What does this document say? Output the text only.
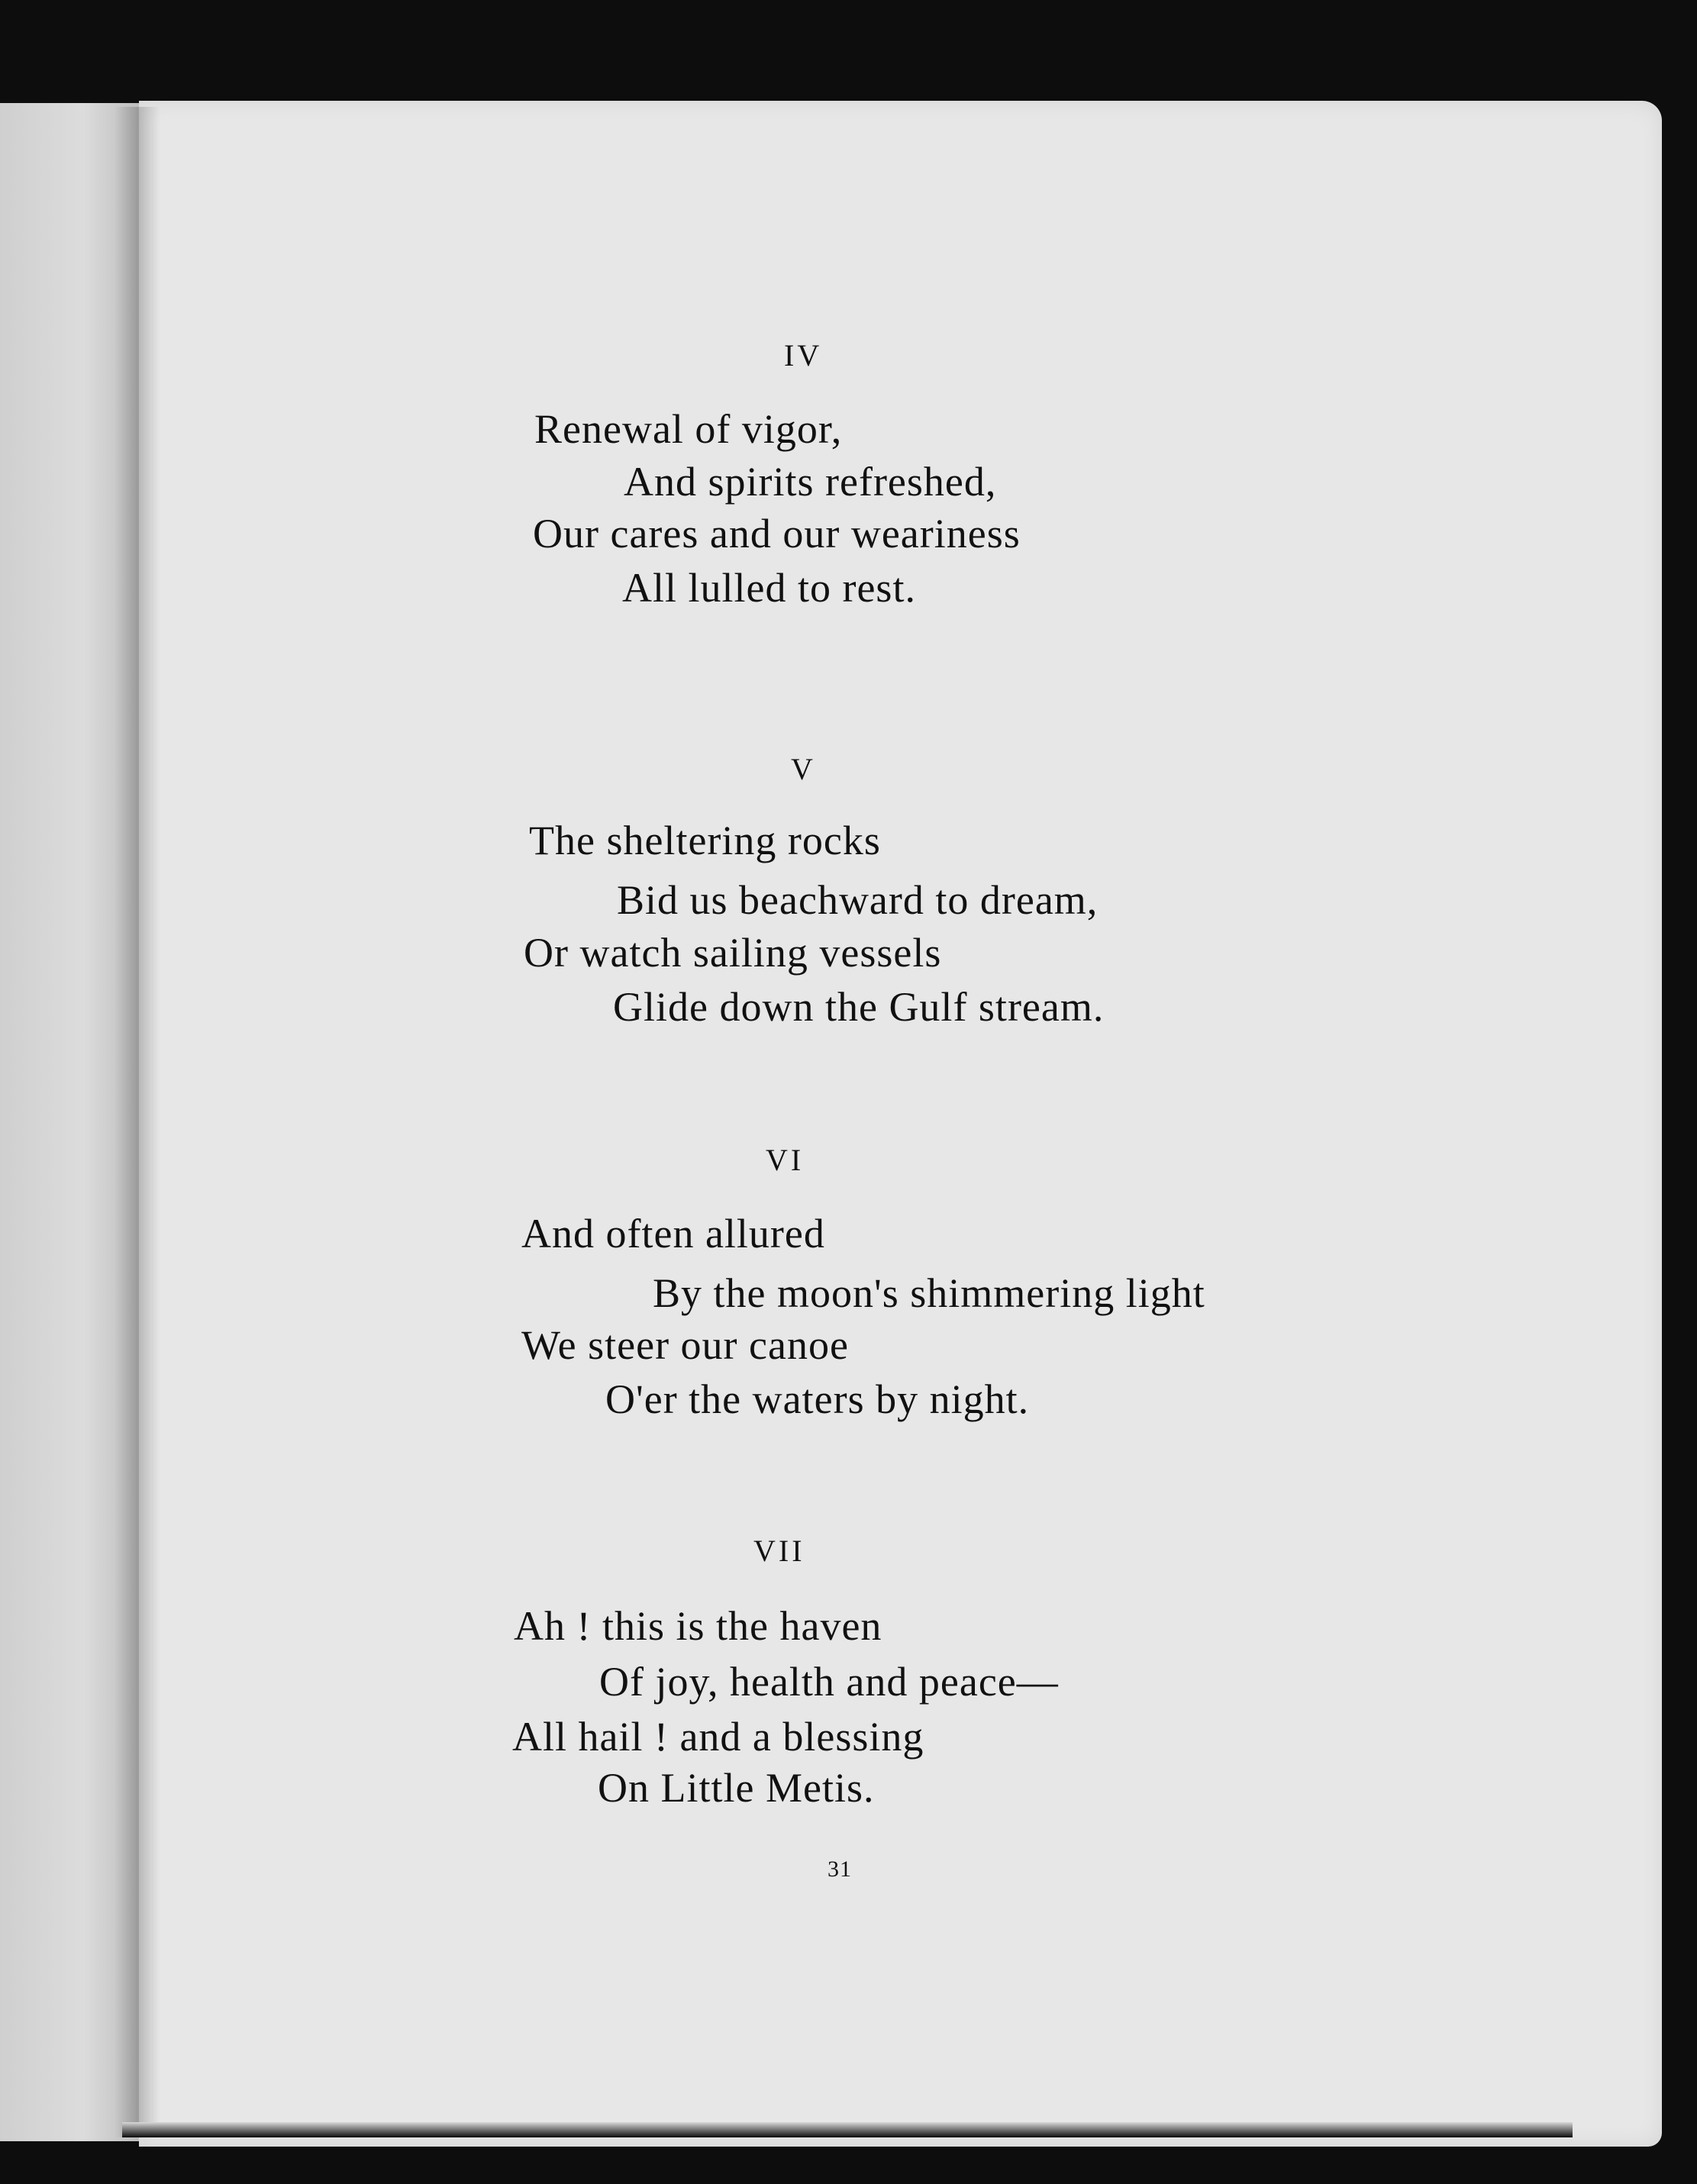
IV

Renewal of vigor,

And spirits refreshed,

Our cares and our weariness

All lulled to rest.

V

The sheltering rocks

Bid us beachward to dream,

Or watch sailing vessels

Glide down the Gulf stream.

VI

And often allured

By the moon's shimmering light

We steer our canoe

O'er the waters by night.

VII

Ah ! this is the haven

Of joy, health and peace—

All hail ! and a blessing

On Little Metis.

31
